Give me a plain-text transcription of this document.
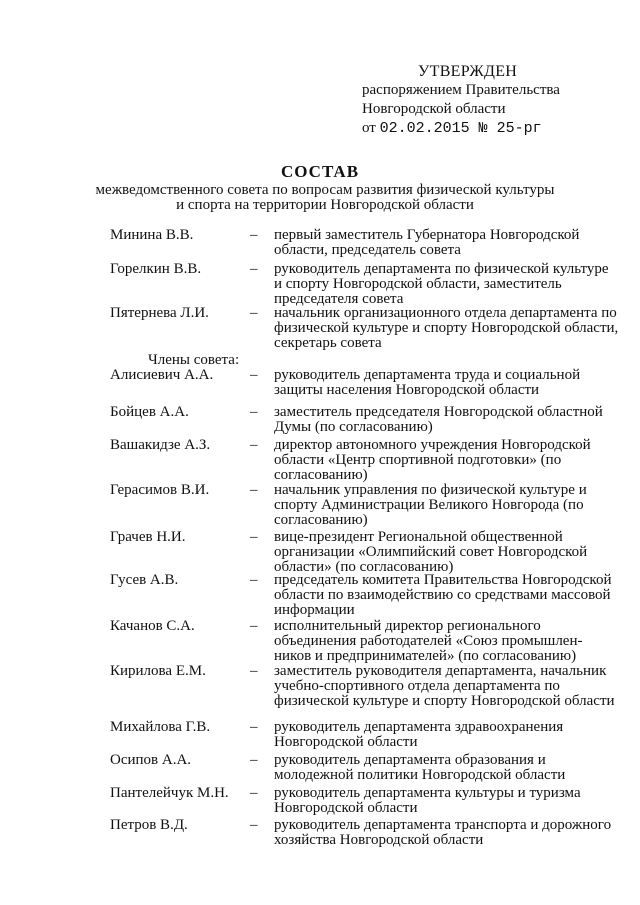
УТВЕРЖДЕН
распоряжением Правительства
Новгородской области
от 02.02.2015 № 25-рг
СОСТАВ
межведомственного совета по вопросам развития физической культуры и спорта на территории Новгородской области
Минина В.В.	– первый заместитель Губернатора Новгородской области, председатель совета
Горелкин В.В.	– руководитель департамента по физической культуре и спорту Новгородской области, заместитель председателя совета
Пятернева Л.И.	– начальник организационного отдела департамента по физической культуре и спорту Новгородской области, секретарь совета
Члены совета:
Алисиевич А.А. – руководитель департамента труда и социальной защиты населения Новгородской области
Бойцев А.А.	– заместитель председателя Новгородской областной Думы (по согласованию)
Вашакидзе А.З.	– директор автономного учреждения Новгородской области «Центр спортивной подготовки» (по согласованию)
Герасимов В.И.	– начальник управления по физической культуре и спорту Администрации Великого Новгорода (по согласованию)
Грачев Н.И.	– вице-президент Региональной общественной организации «Олимпийский совет Новгородской области» (по согласованию)
Гусев А.В.	– председатель комитета Правительства Новгородской области по взаимодействию со средствами массовой информации
Качанов С.А.	– исполнительный директор регионального объединения работодателей «Союз промышлен-ников и предпринимателей» (по согласованию)
Кирилова Е.М.	– заместитель руководителя департамента, начальник учебно-спортивного отдела департамента по физической культуре и спорту Новгородской области
Михайлова Г.В.	– руководитель департамента здравоохранения Новгородской области
Осипов А.А.	– руководитель департамента образования и молодежной политики Новгородской области
Пантелейчук М.Н. – руководитель департамента культуры и туризма Новгородской области
Петров В.Д.	– руководитель департамента транспорта и дорожного хозяйства Новгородской области
